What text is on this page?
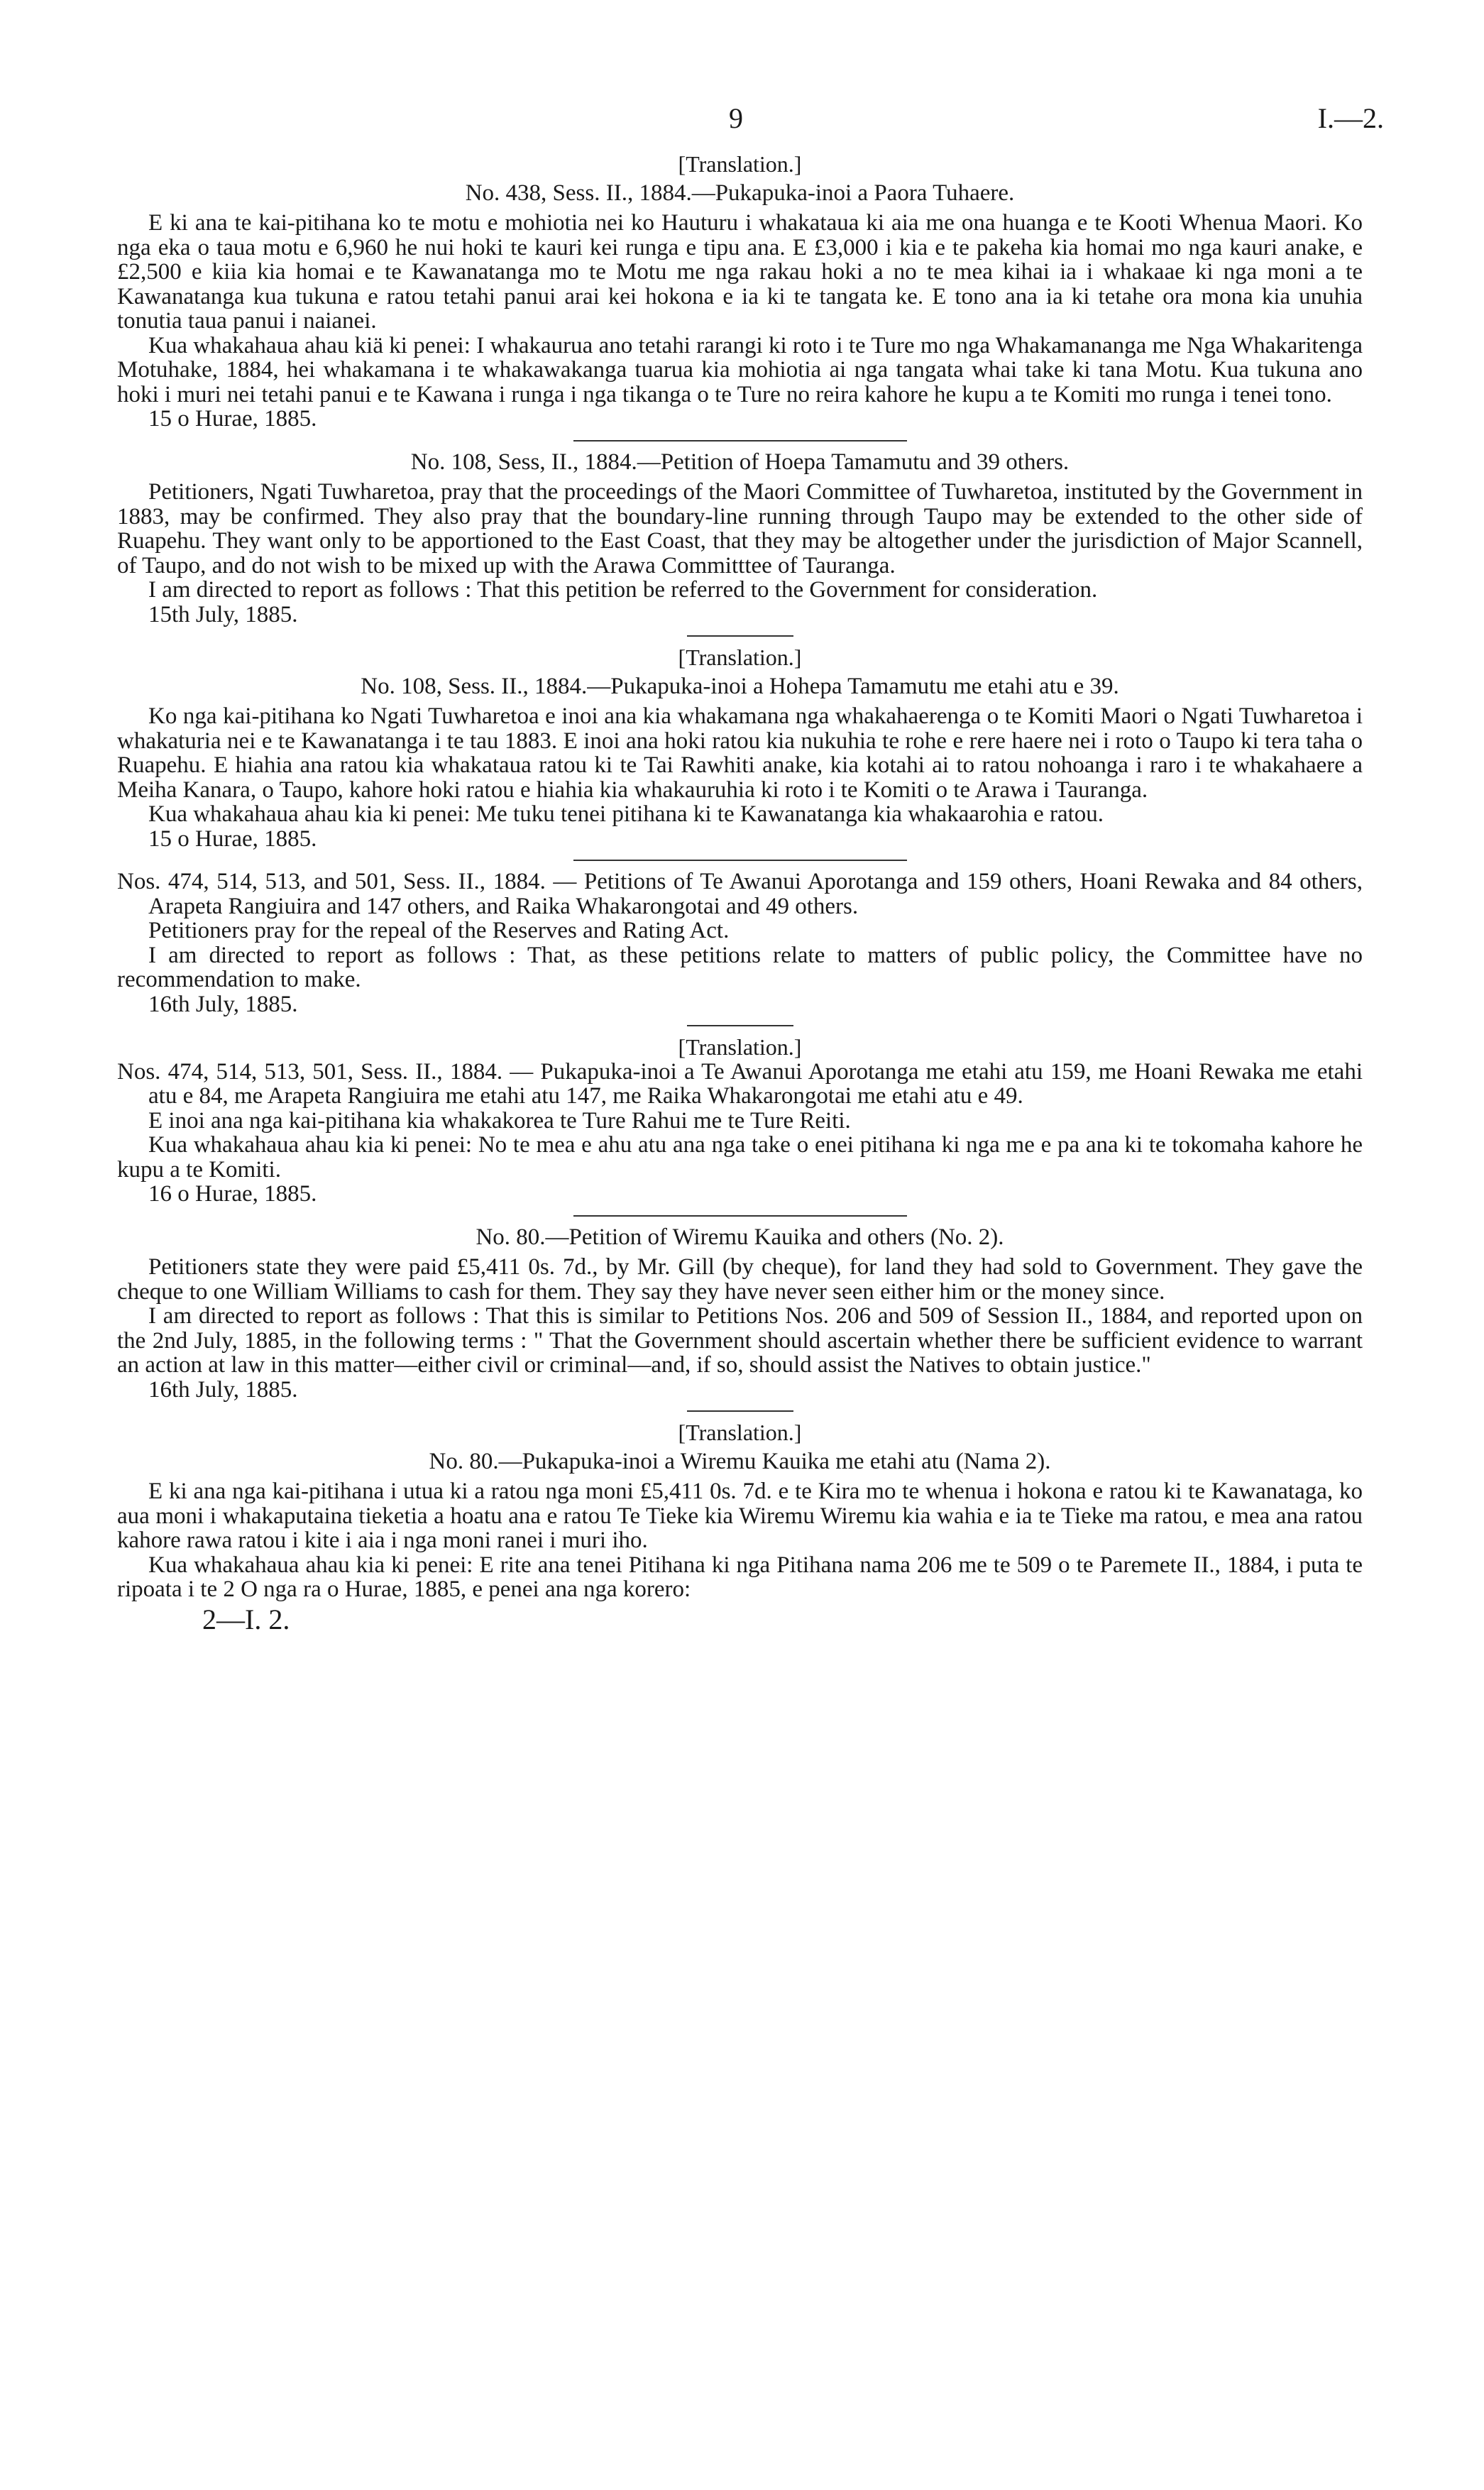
9	I.—2.
[Translation.]
No. 438, Sess. II., 1884.—Pukapuka-inoi a Paora Tuhaere.

E ki ana te kai-pitihana ko te motu e mohiotia nei ko Hauturu i whakataua ki aia me ona huanga e te Kooti Whenua Maori. Ko nga eka o taua motu e 6,960 he nui hoki te kauri kei runga e tipu ana. E £3,000 i kia e te pakeha kia homai mo nga kauri anake, e £2,500 e kiia kia homai e te Kawanatanga mo te Motu me nga rakau hoki a no te mea kihai ia i whakaae ki nga moni a te Kawanatanga kua tukuna e ratou tetahi panui arai kei hokona e ia ki te tangata ke. E tono ana ia ki tetahe ora mona kia unuhia tonutia taua panui i naianei.

Kua whakahaua ahau kiä ki penei: I whakaurua ano tetahi rarangi ki roto i te Ture mo nga Whakamananga me Nga Whakaritenga Motuhake, 1884, hei whakamana i te whakawakanga tuarua kia mohiotia ai nga tangata whai take ki tana Motu. Kua tukuna ano hoki i muri nei tetahi panui e te Kawana i runga i nga tikanga o te Ture no reira kahore he kupu a te Komiti mo runga i tenei tono.

15 o Hurae, 1885.
No. 108, Sess, II., 1884.—Petition of Hoepa Tamamutu and 39 others.

Petitioners, Ngati Tuwharetoa, pray that the proceedings of the Maori Committee of Tuwharetoa, instituted by the Government in 1883, may be confirmed. They also pray that the boundary-line running through Taupo may be extended to the other side of Ruapehu. They want only to be apportioned to the East Coast, that they may be altogether under the jurisdiction of Major Scannell, of Taupo, and do not wish to be mixed up with the Arawa Committtee of Tauranga.

I am directed to report as follows : That this petition be referred to the Government for consideration.

15th July, 1885.
[Translation.]
No. 108, Sess. II., 1884.—Pukapuka-inoi a Hohepa Tamamutu me etahi atu e 39.

Ko nga kai-pitihana ko Ngati Tuwharetoa e inoi ana kia whakamana nga whakahaerenga o te Komiti Maori o Ngati Tuwharetoa i whakaturia nei e te Kawanatanga i te tau 1883. E inoi ana hoki ratou kia nukuhia te rohe e rere haere nei i roto o Taupo ki tera taha o Ruapehu. E hiahia ana ratou kia whakataua ratou ki te Tai Rawhiti anake, kia kotahi ai to ratou nohoanga i raro i te whakahaere a Meiha Kanara, o Taupo, kahore hoki ratou e hiahia kia whakauruhia ki roto i te Komiti o te Arawa i Tauranga.

Kua whakahaua ahau kia ki penei: Me tuku tenei pitihana ki te Kawanatanga kia whakaarohia e ratou.

15 o Hurae, 1885.
Nos. 474, 514, 513, and 501, Sess. II., 1884. — Petitions of Te Awanui Aporotanga and 159 others, Hoani Rewaka and 84 others, Arapeta Rangiuira and 147 others, and Raika Whakarongotai and 49 others.

Petitioners pray for the repeal of the Reserves and Rating Act.

I am directed to report as follows : That, as these petitions relate to matters of public policy, the Committee have no recommendation to make.

16th July, 1885.
[Translation.]
Nos. 474, 514, 513, 501, Sess. II., 1884. — Pukapuka-inoi a Te Awanui Aporotanga me etahi atu 159, me Hoani Rewaka me etahi atu e 84, me Arapeta Rangiuira me etahi atu 147, me Raika Whakarongotai me etahi atu e 49.

E inoi ana nga kai-pitihana kia whakakorea te Ture Rahui me te Ture Reiti.

Kua whakahaua ahau kia ki penei: No te mea e ahu atu ana nga take o enei pitihana ki nga me e pa ana ki te tokomaha kahore he kupu a te Komiti.

16 o Hurae, 1885.
No. 80.—Petition of Wiremu Kauika and others (No. 2).

Petitioners state they were paid £5,411 0s. 7d., by Mr. Gill (by cheque), for land they had sold to Government. They gave the cheque to one William Williams to cash for them. They say they have never seen either him or the money since.

I am directed to report as follows : That this is similar to Petitions Nos. 206 and 509 of Session II., 1884, and reported upon on the 2nd July, 1885, in the following terms : " That the Government should ascertain whether there be sufficient evidence to warrant an action at law in this matter—either civil or criminal—and, if so, should assist the Natives to obtain justice."

16th July, 1885.
[Translation.]
No. 80.—Pukapuka-inoi a Wiremu Kauika me etahi atu (Nama 2).

E ki ana nga kai-pitihana i utua ki a ratou nga moni £5,411 0s. 7d. e te Kira mo te whenua i hokona e ratou ki te Kawanataga, ko aua moni i whakaputaina tieketia a hoatu ana e ratou Te Tieke kia Wiremu Wiremu kia wahia e ia te Tieke ma ratou, e mea ana ratou kahore rawa ratou i kite i aia i nga moni ranei i muri iho.

Kua whakahaua ahau kia ki penei: E rite ana tenei Pitihana ki nga Pitihana nama 206 me te 509 o te Paremete II., 1884, i puta te ripoata i te 2 O nga ra o Hurae, 1885, e penei ana nga korero:

2—I. 2.
